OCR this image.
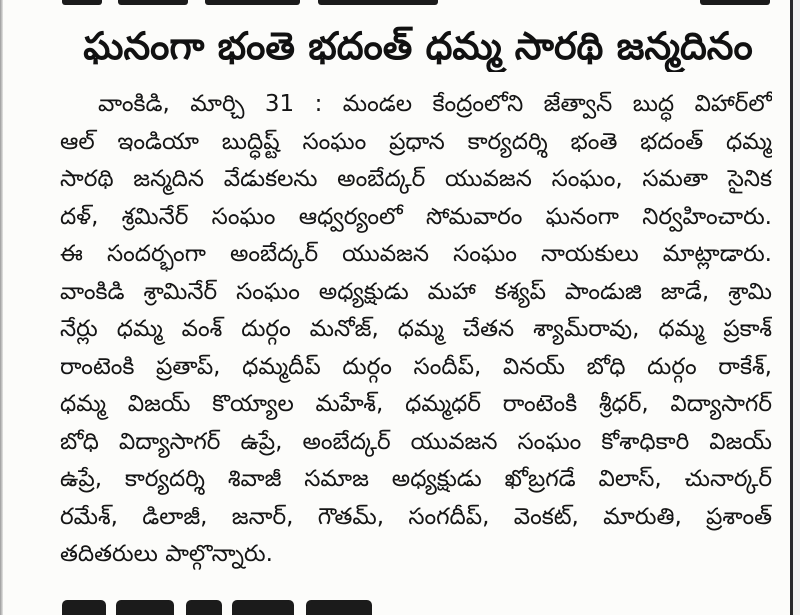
ఘనంగా భంతె భదంత్ ధమ్మ సారథి జన్మదినం
వాంకిడి, మార్చి 31 : మండల కేంద్రంలోని జేత్వాన్ బుద్ధ విహార్‌లో
ఆల్ ఇండియా బుద్ధిష్ట్ సంఘం ప్రధాన కార్యదర్శి భంతె భదంత్ ధమ్మ
సారథి జన్మదిన వేడుకలను అంబేద్కర్ యువజన సంఘం, సమతా సైనిక
దళ్, శ్రమినేర్ సంఘం ఆధ్వర్యంలో సోమవారం ఘనంగా నిర్వహించారు.
ఈ సందర్భంగా అంబేద్కర్ యువజన సంఘం నాయకులు మాట్లాడారు.
వాంకిడి శ్రామినేర్ సంఘం అధ్యక్షుడు మహా కశ్యప్ పాండుజి జాడే, శ్రామి
నేర్లు ధమ్మ వంశ్ దుర్గం మనోజ్, ధమ్మ చేతన శ్యామ్‌రావు, ధమ్మ ప్రకాశ్
రాంటెంకి ప్రతాప్, ధమ్మదీప్ దుర్గం సందీప్, వినయ్ బోధి దుర్గం రాకేశ్,
ధమ్మ విజయ్ కొయ్యాల మహేశ్, ధమ్మధర్ రాంటెంకి శ్రీధర్, విద్యాసాగర్
బోధి విద్యాసాగర్ ఉప్రే, అంబేద్కర్ యువజన సంఘం కోశాధికారి విజయ్
ఉప్రే, కార్యదర్శి శివాజీ సమాజ అధ్యక్షుడు ఖోబ్రగడే విలాస్, చునార్కర్
రమేశ్, డిలాజీ, జనార్, గౌతమ్, సంగదీప్, వెంకట్, మారుతి, ప్రశాంత్
తదితరులు పాల్గొన్నారు.
